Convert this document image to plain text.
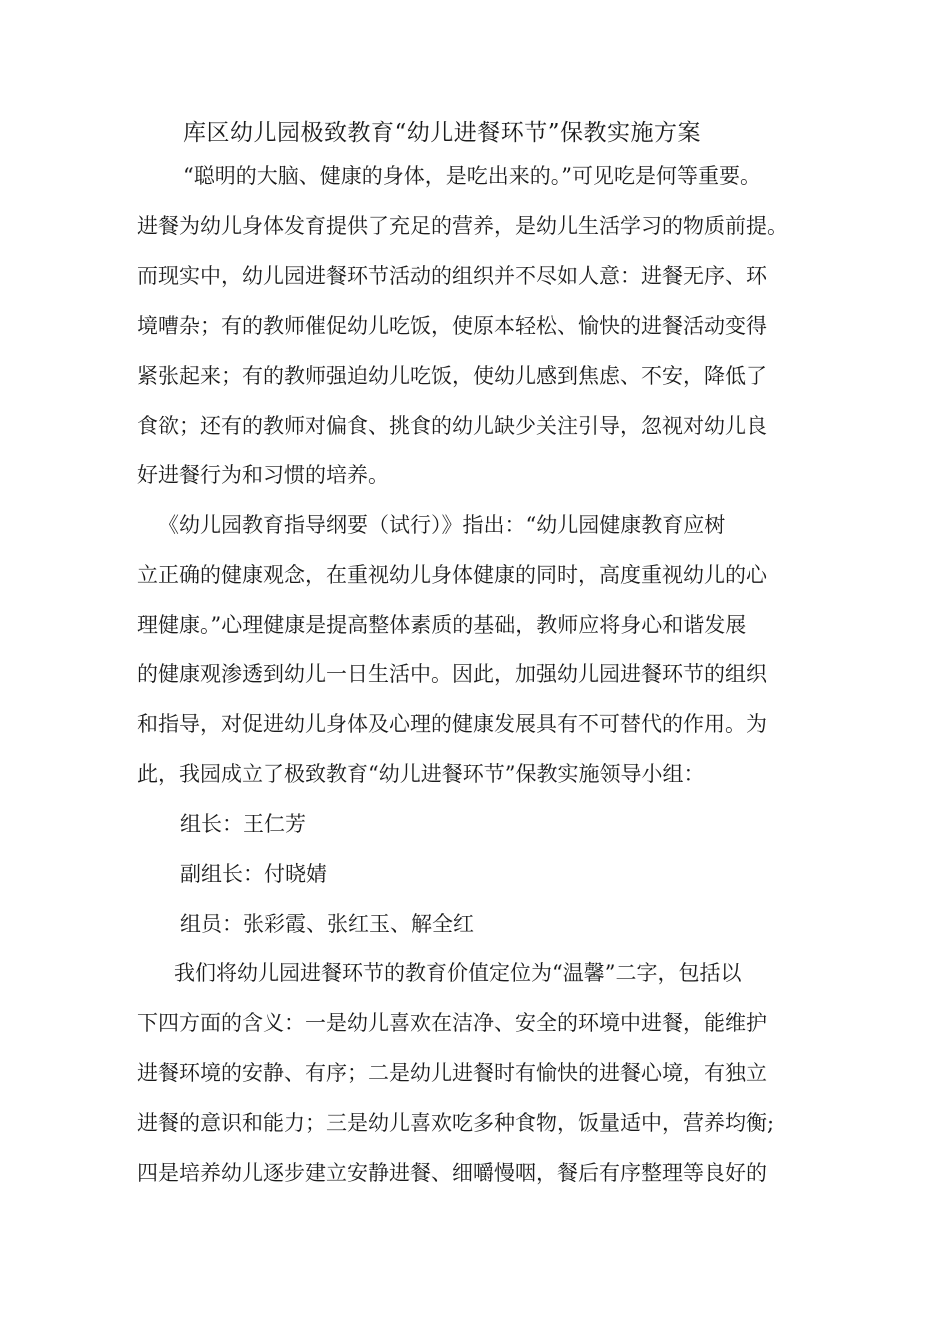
库区幼儿园极致教育“幼儿进餐环节”保教实施方案
“聪明的大脑、健康的身体，是吃出来的。”可见吃是何等重要。
进餐为幼儿身体发育提供了充足的营养，是幼儿生活学习的物质前提。
而现实中，幼儿园进餐环节活动的组织并不尽如人意：进餐无序、环
境嘈杂；有的教师催促幼儿吃饭，使原本轻松、愉快的进餐活动变得
紧张起来；有的教师强迫幼儿吃饭，使幼儿感到焦虑、不安，降低了
食欲；还有的教师对偏食、挑食的幼儿缺少关注引导，忽视对幼儿良
好进餐行为和习惯的培养。
《幼儿园教育指导纲要（试行）》指出：“幼儿园健康教育应树
立正确的健康观念，在重视幼儿身体健康的同时，高度重视幼儿的心
理健康。”心理健康是提高整体素质的基础，教师应将身心和谐发展
的健康观渗透到幼儿一日生活中。因此，加强幼儿园进餐环节的组织
和指导，对促进幼儿身体及心理的健康发展具有不可替代的作用。为
此，我园成立了极致教育“幼儿进餐环节”保教实施领导小组：
组长：王仁芳
副组长：付晓婧
组员：张彩霞、张红玉、解全红
我们将幼儿园进餐环节的教育价值定位为“温馨”二字，包括以
下四方面的含义：一是幼儿喜欢在洁净、安全的环境中进餐，能维护
进餐环境的安静、有序；二是幼儿进餐时有愉快的进餐心境，有独立
进餐的意识和能力；三是幼儿喜欢吃多种食物，饭量适中，营养均衡;
四是培养幼儿逐步建立安静进餐、细嚼慢咽，餐后有序整理等良好的
